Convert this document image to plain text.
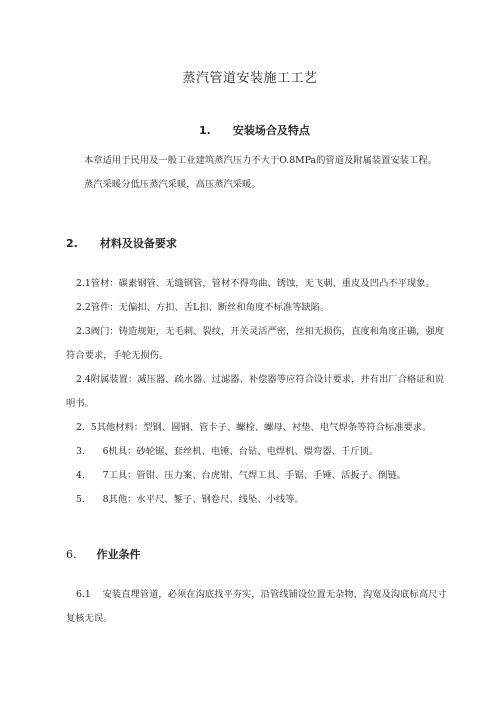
蒸汽管道安装施工工艺
1. 安装场合及特点
本章适用于民用及一般工业建筑蒸汽压力不大于O.8MPa的管道及附属装置安装工程。
蒸汽采暖分低压蒸汽采暖，高压蒸汽采暖。
2. 材料及设备要求
2.1管材：碳素钢管、无缝钢管，管材不得弯曲、锈蚀，无飞刺、重皮及凹凸不平现象。
2.2管件：无偏扣、方扣、舌L扣、断丝和角度不标准等缺陷。
2.3阀门：铸造规矩，无毛刺、裂纹，开关灵活严密，丝扣无损伤，直度和角度正确，强度
符合要求，手轮无损伤。
2.4附属装置：减压器、疏水器、过滤器、补偿器等应符合设计要求，并有出厂合格证和说
明书。
2.  5其他材料：型钢、圆钢、管卡子、螺栓、螺母、衬垫、电气焊条等符合标准要求。
3.      6机具：砂轮锯、套丝机、电锤、台钻、电焊机、煨弯器、千斤顶。
4.      7工具：管钳、压力案、台虎钳、气焊工具、手锯、手锤、活扳子、倒链。
5.      8其他：水平尺、錾子、钢卷尺、线坠、小线等。
6. 作业条件
6.1    安装直埋管道，必须在沟底找平夯实，沿管线铺设位置无杂物，沟宽及沟底标高尺寸
复核无误。
